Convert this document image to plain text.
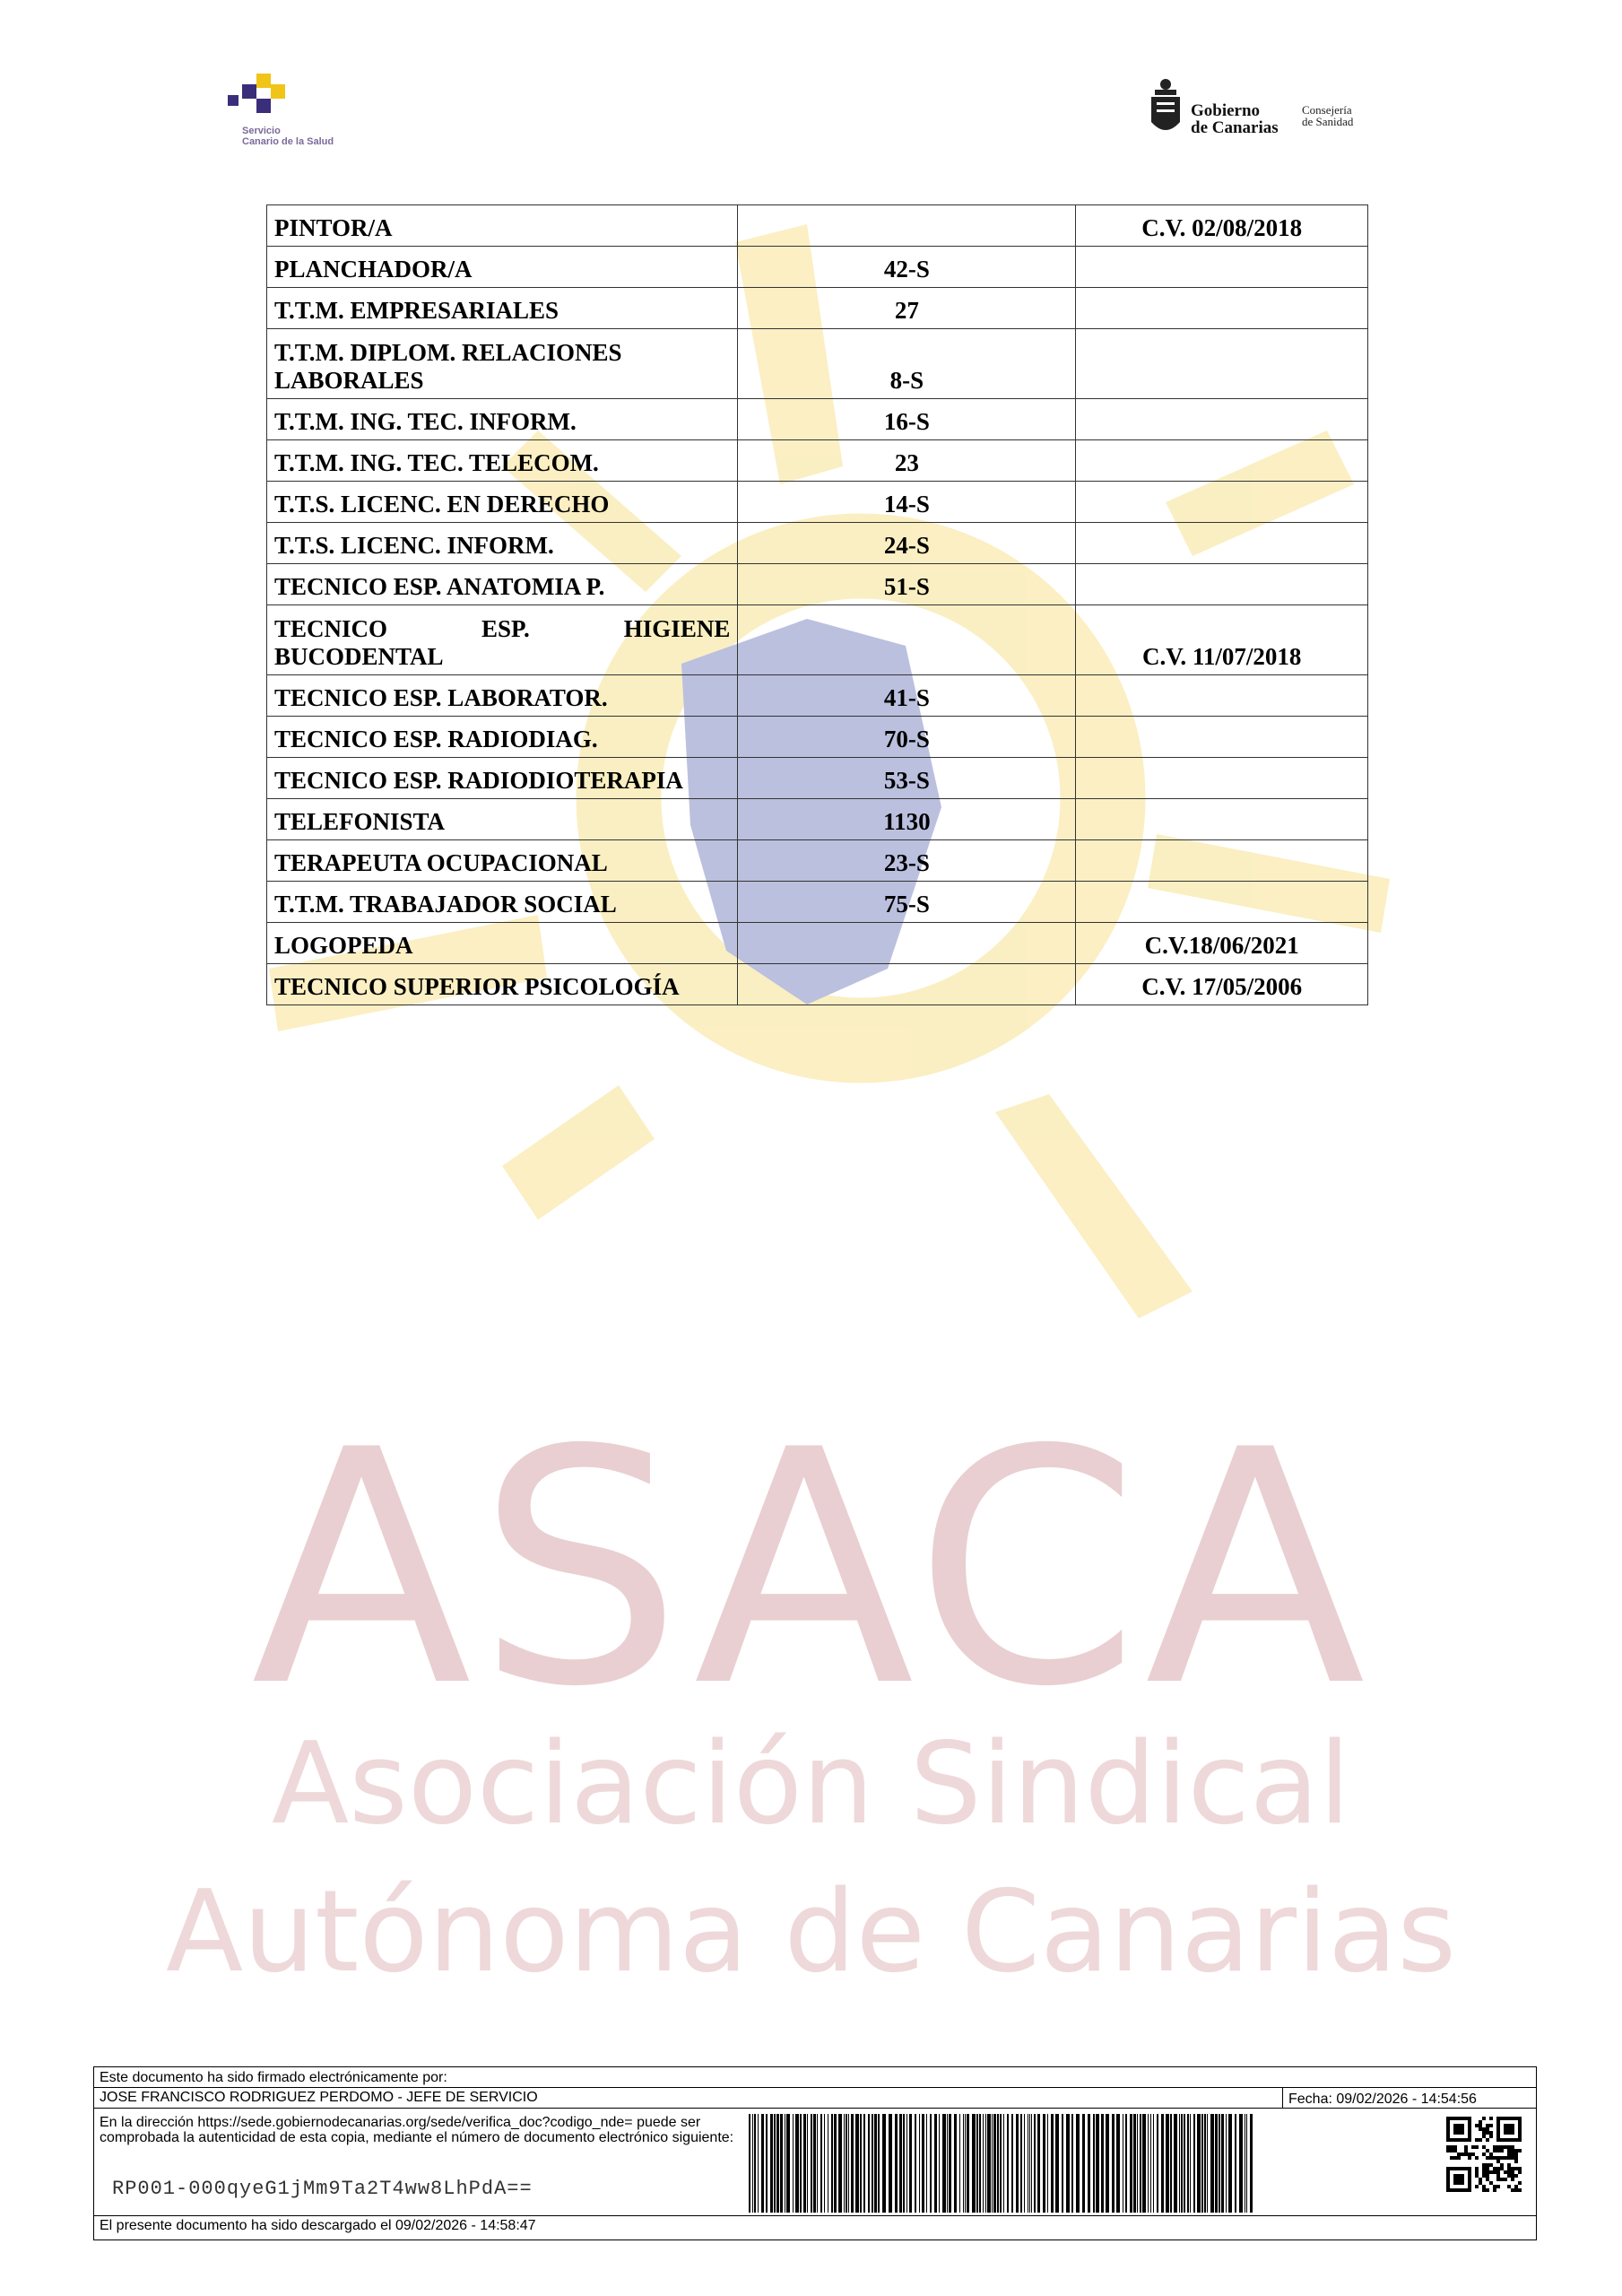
ASACA
Asociación Sindical
Autónoma de Canarias
Servicio
Canario de la Salud
Gobierno
de Canarias
Consejería
de Sanidad
PINTOR/A		C.V. 02/08/2018
PLANCHADOR/A	42-S	
T.T.M. EMPRESARIALES	27	

T.T.M. DIPLOM. RELACIONES
LABORALES	8-S	
T.T.M. ING. TEC. INFORM.	16-S	
T.T.M. ING. TEC. TELECOM.	23	
T.T.S. LICENC. EN DERECHO	14-S	
T.T.S. LICENC. INFORM.	24-S	
TECNICO ESP. ANATOMIA P.	51-S	

TECNICO ESP. HIGIENE
BUCODENTAL		C.V. 11/07/2018
TECNICO ESP. LABORATOR.	41-S	
TECNICO ESP. RADIODIAG.	70-S	
TECNICO ESP. RADIODIOTERAPIA	53-S	
TELEFONISTA	1130	
TERAPEUTA OCUPACIONAL	23-S	
T.T.M. TRABAJADOR SOCIAL	75-S	
LOGOPEDA		C.V.18/06/2021
TECNICO SUPERIOR PSICOLOGÍA		C.V. 17/05/2006
Este documento ha sido firmado electrónicamente por:
JOSE FRANCISCO RODRIGUEZ PERDOMO - JEFE DE SERVICIO	Fecha: 09/02/2026 - 14:54:56
En la dirección https://sede.gobiernodecanarias.org/sede/verifica_doc?codigo_nde= puede ser comprobada la autenticidad de esta copia, mediante el número de documento electrónico siguiente:
RP001-000qyeG1jMm9Ta2T4ww8LhPdA==
El presente documento ha sido descargado el 09/02/2026 - 14:58:47
